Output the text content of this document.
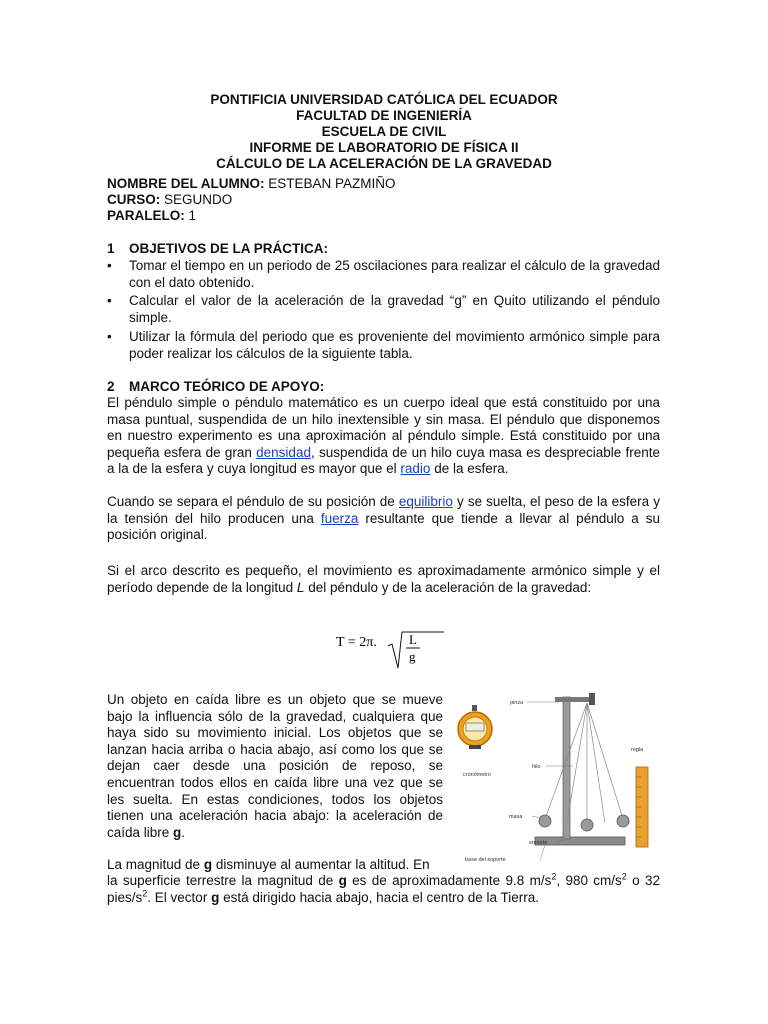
PONTIFICIA UNIVERSIDAD CATÓLICA DEL ECUADOR
FACULTAD DE INGENIERÍA
ESCUELA DE CIVIL
INFORME DE LABORATORIO DE FÍSICA II
CÁLCULO DE LA ACELERACIÓN DE LA GRAVEDAD
NOMBRE DEL ALUMNO: ESTEBAN PAZMIÑO
CURSO: SEGUNDO
PARALELO: 1
1 OBJETIVOS DE LA PRÁCTICA:
• Tomar el tiempo en un periodo de 25 oscilaciones para realizar el cálculo de la gravedad con el dato obtenido.
• Calcular el valor de la aceleración de la gravedad “g” en Quito utilizando el péndulo simple.
• Utilizar la fórmula del periodo que es proveniente del movimiento armónico simple para poder realizar los cálculos de la siguiente tabla.
2 MARCO TEÓRICO DE APOYO:
El péndulo simple o péndulo matemático es un cuerpo ideal que está constituido por una masa puntual, suspendida de un hilo inextensible y sin masa. El péndulo que disponemos en nuestro experimento es una aproximación al péndulo simple. Está constituido por una pequeña esfera de gran densidad, suspendida de un hilo cuya masa es despreciable frente a la de la esfera y cuya longitud es mayor que el radio de la esfera.
Cuando se separa el péndulo de su posición de equilibrio y se suelta, el peso de la esfera y la tensión del hilo producen una fuerza resultante que tiende a llevar al péndulo a su posición original.
Si el arco descrito es pequeño, el movimiento es aproximadamente armónico simple y el período depende de la longitud L del péndulo y de la aceleración de la gravedad:
T = 2π. L
g
Un objeto en caída libre es un objeto que se mueve bajo la influencia sólo de la gravedad, cualquiera que haya sido su movimiento inicial. Los objetos que se lanzan hacia arriba o hacia abajo, así como los que se dejan caer desde una posición de reposo, se encuentran todos ellos en caída libre una vez que se les suelta. En estas condiciones, todos los objetos tienen una aceleración hacia abajo: la aceleración de caída libre g.
La magnitud de g disminuye al aumentar la altitud. En
la superficie terrestre la magnitud de g es de aproximadamente 9.8 $m/s^2$, 980 $cm/s^2$ o 32 pies/$s^2$. El vector g está dirigido hacia abajo, hacia el centro de la Tierra.
pinza
regla
hilo
cronómetro
masa
soporte
base del soporte
